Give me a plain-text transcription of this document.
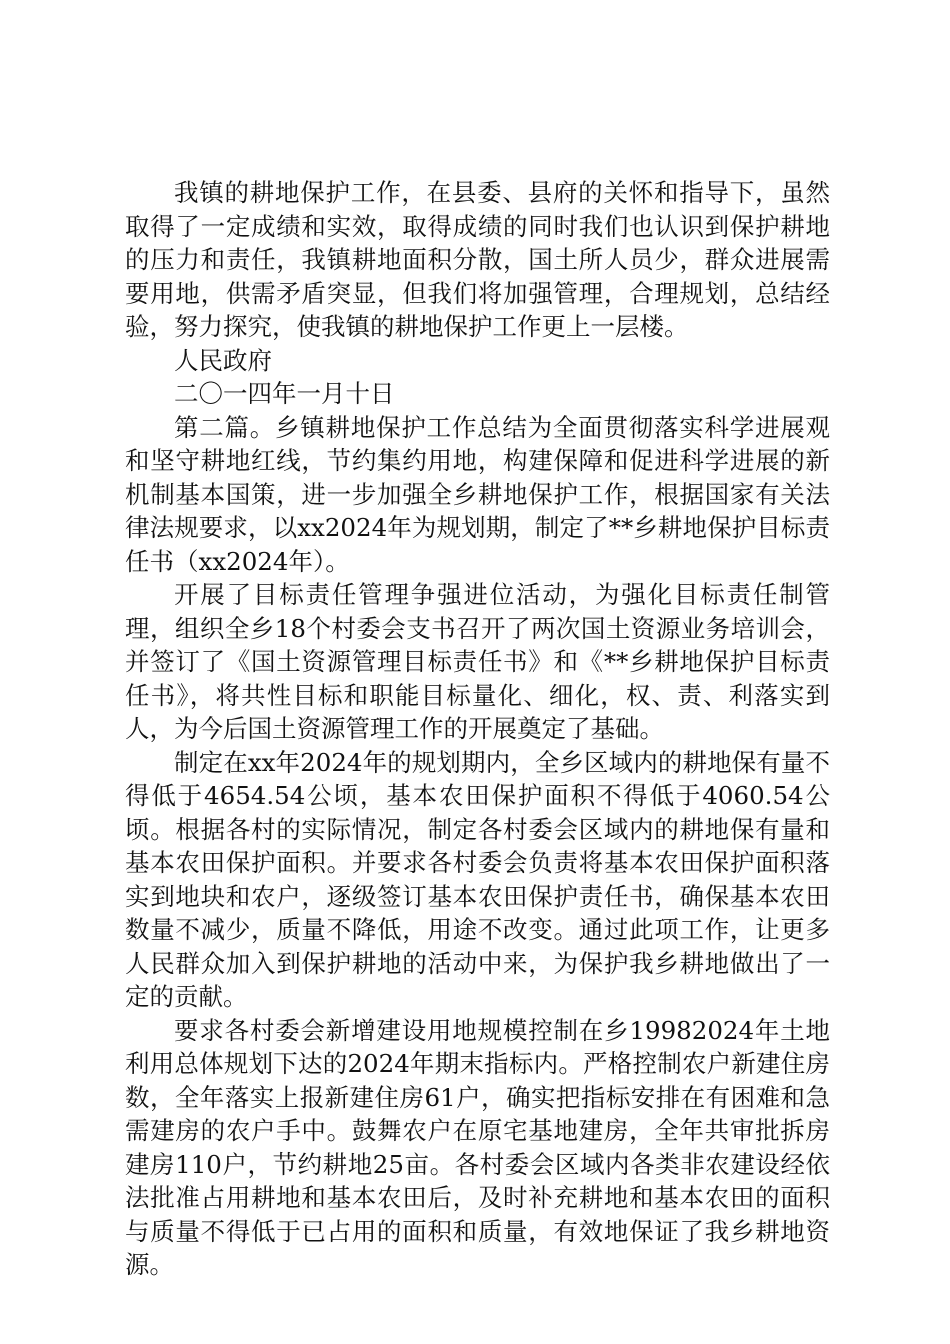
我镇的耕地保护工作，在县委、县府的关怀和指导下，虽然取得了一定成绩和实效，取得成绩的同时我们也认识到保护耕地的压力和责任，我镇耕地面积分散，国土所人员少，群众进展需要用地，供需矛盾突显，但我们将加强管理，合理规划，总结经验，努力探究，使我镇的耕地保护工作更上一层楼。

人民政府

二〇一四年一月十日

第二篇。乡镇耕地保护工作总结为全面贯彻落实科学进展观和坚守耕地红线，节约集约用地，构建保障和促进科学进展的新机制基本国策，进一步加强全乡耕地保护工作，根据国家有关法律法规要求，以xx2024年为规划期，制定了**乡耕地保护目标责任书（xx2024年）。

开展了目标责任管理争强进位活动，为强化目标责任制管理，组织全乡18个村委会支书召开了两次国土资源业务培训会，并签订了《国土资源管理目标责任书》和《**乡耕地保护目标责任书》，将共性目标和职能目标量化、细化，权、责、利落实到人，为今后国土资源管理工作的开展奠定了基础。

制定在xx年2024年的规划期内，全乡区域内的耕地保有量不得低于4654.54公顷，基本农田保护面积不得低于4060.54公顷。根据各村的实际情况，制定各村委会区域内的耕地保有量和基本农田保护面积。并要求各村委会负责将基本农田保护面积落实到地块和农户，逐级签订基本农田保护责任书，确保基本农田数量不减少，质量不降低，用途不改变。通过此项工作，让更多人民群众加入到保护耕地的活动中来，为保护我乡耕地做出了一定的贡献。

要求各村委会新增建设用地规模控制在乡19982024年土地利用总体规划下达的2024年期末指标内。严格控制农户新建住房数，全年落实上报新建住房61户，确实把指标安排在有困难和急需建房的农户手中。鼓舞农户在原宅基地建房，全年共审批拆房建房110户，节约耕地25亩。各村委会区域内各类非农建设经依法批准占用耕地和基本农田后，及时补充耕地和基本农田的面积与质量不得低于已占用的面积和质量，有效地保证了我乡耕地资源。
